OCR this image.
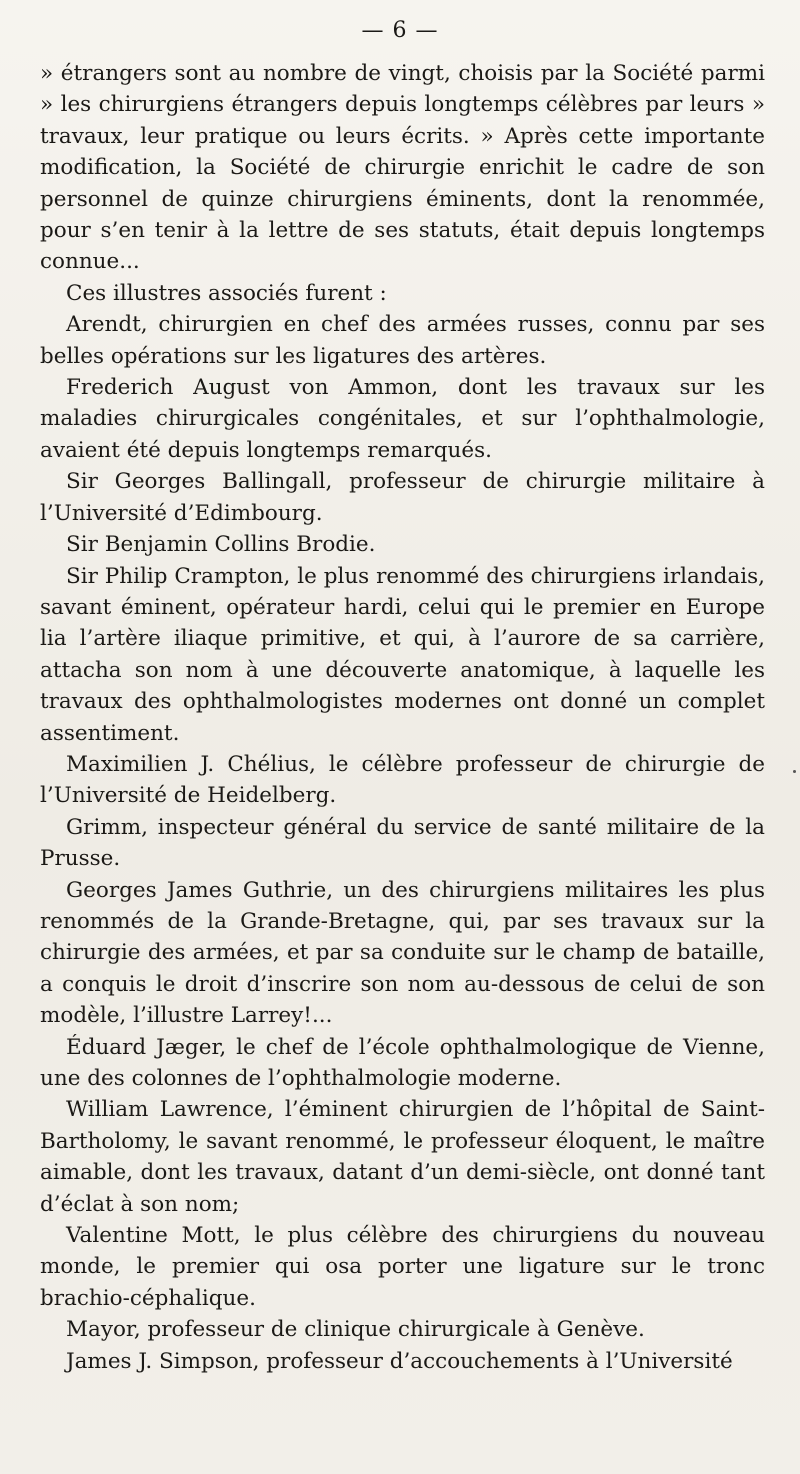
— 6 —

» étrangers sont au nombre de vingt, choisis par la Société parmi » les chirurgiens étrangers depuis longtemps célèbres par leurs » travaux, leur pratique ou leurs écrits. » Après cette importante modification, la Société de chirurgie enrichit le cadre de son personnel de quinze chirurgiens éminents, dont la renommée, pour s’en tenir à la lettre de ses statuts, était depuis longtemps connue...

Ces illustres associés furent :

Arendt, chirurgien en chef des armées russes, connu par ses belles opérations sur les ligatures des artères.

Frederich August von Ammon, dont les travaux sur les maladies chirurgicales congénitales, et sur l’ophthalmologie, avaient été depuis longtemps remarqués.

Sir Georges Ballingall, professeur de chirurgie militaire à l’Université d’Edimbourg.

Sir Benjamin Collins Brodie.

Sir Philip Crampton, le plus renommé des chirurgiens irlandais, savant éminent, opérateur hardi, celui qui le premier en Europe lia l’artère iliaque primitive, et qui, à l’aurore de sa carrière, attacha son nom à une découverte anatomique, à laquelle les travaux des ophthalmologistes modernes ont donné un complet assentiment.

Maximilien J. Chélius, le célèbre professeur de chirurgie de l’Université de Heidelberg.

Grimm, inspecteur général du service de santé militaire de la Prusse.

Georges James Guthrie, un des chirurgiens militaires les plus renommés de la Grande-Bretagne, qui, par ses travaux sur la chirurgie des armées, et par sa conduite sur le champ de bataille, a conquis le droit d’inscrire son nom au-dessous de celui de son modèle, l’illustre Larrey!...

Éduard Jæger, le chef de l’école ophthalmologique de Vienne, une des colonnes de l’ophthalmologie moderne.

William Lawrence, l’éminent chirurgien de l’hôpital de Saint-Bartholomy, le savant renommé, le professeur éloquent, le maître aimable, dont les travaux, datant d’un demi-siècle, ont donné tant d’éclat à son nom;

Valentine Mott, le plus célèbre des chirurgiens du nouveau monde, le premier qui osa porter une ligature sur le tronc brachio-céphalique.

Mayor, professeur de clinique chirurgicale à Genève.

James J. Simpson, professeur d’accouchements à l’Université
